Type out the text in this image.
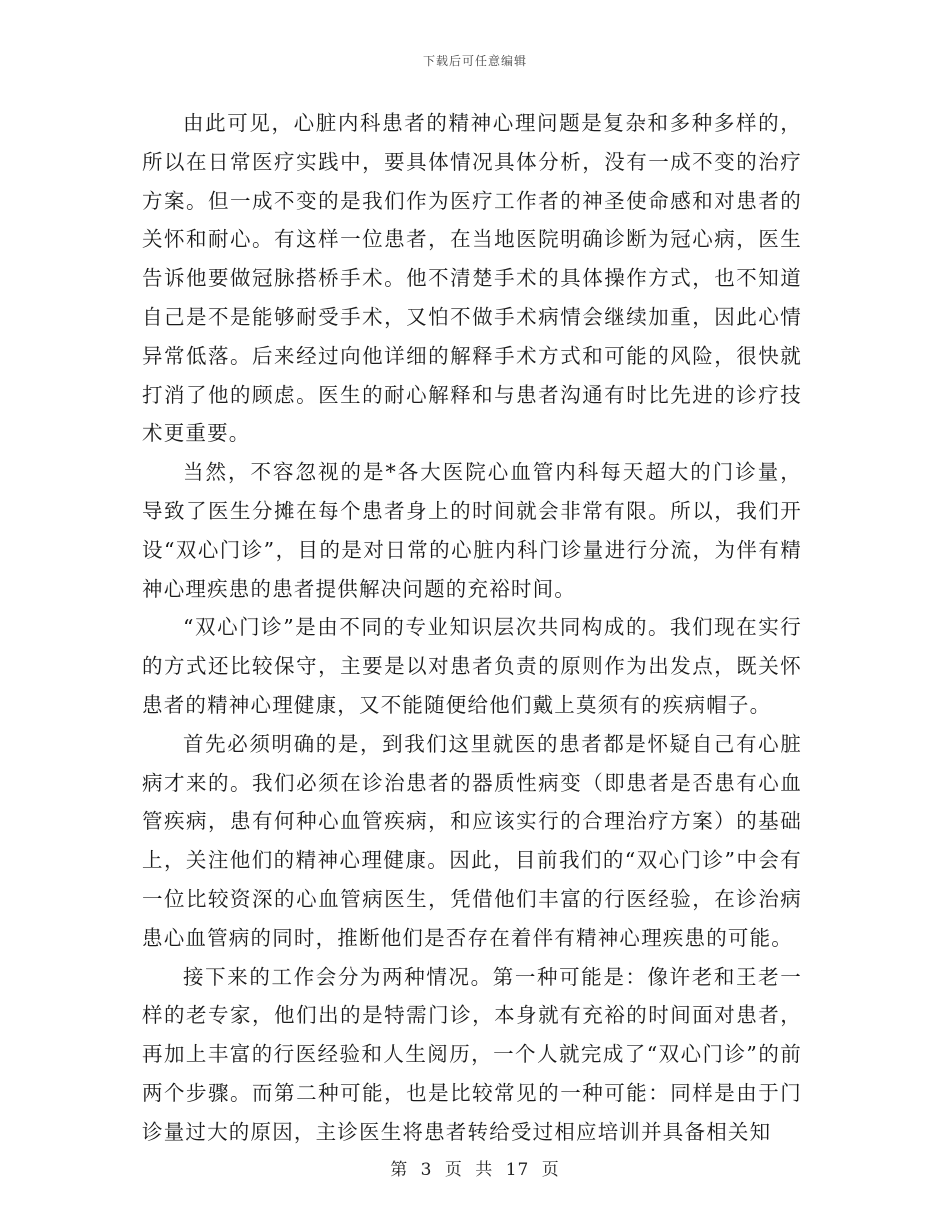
下载后可任意编辑

由此可见，心脏内科患者的精神心理问题是复杂和多种多样的，所以在日常医疗实践中，要具体情况具体分析，没有一成不变的治疗方案。但一成不变的是我们作为医疗工作者的神圣使命感和对患者的关怀和耐心。有这样一位患者，在当地医院明确诊断为冠心病，医生告诉他要做冠脉搭桥手术。他不清楚手术的具体操作方式，也不知道自己是不是能够耐受手术，又怕不做手术病情会继续加重，因此心情异常低落。后来经过向他详细的解释手术方式和可能的风险，很快就打消了他的顾虑。医生的耐心解释和与患者沟通有时比先进的诊疗技术更重要。

当然，不容忽视的是*各大医院心血管内科每天超大的门诊量，导致了医生分摊在每个患者身上的时间就会非常有限。所以，我们开设“双心门诊”，目的是对日常的心脏内科门诊量进行分流，为伴有精神心理疾患的患者提供解决问题的充裕时间。

“双心门诊”是由不同的专业知识层次共同构成的。我们现在实行的方式还比较保守，主要是以对患者负责的原则作为出发点，既关怀患者的精神心理健康，又不能随便给他们戴上莫须有的疾病帽子。

首先必须明确的是，到我们这里就医的患者都是怀疑自己有心脏病才来的。我们必须在诊治患者的器质性病变（即患者是否患有心血管疾病，患有何种心血管疾病，和应该实行的合理治疗方案）的基础上，关注他们的精神心理健康。因此，目前我们的“双心门诊”中会有一位比较资深的心血管病医生，凭借他们丰富的行医经验，在诊治病患心血管病的同时，推断他们是否存在着伴有精神心理疾患的可能。

接下来的工作会分为两种情况。第一种可能是：像许老和王老一样的老专家，他们出的是特需门诊，本身就有充裕的时间面对患者，再加上丰富的行医经验和人生阅历，一个人就完成了“双心门诊”的前两个步骤。而第二种可能，也是比较常见的一种可能：同样是由于门诊量过大的原因，主诊医生将患者转给受过相应培训并具备相关知

第 3 页 共 17 页
